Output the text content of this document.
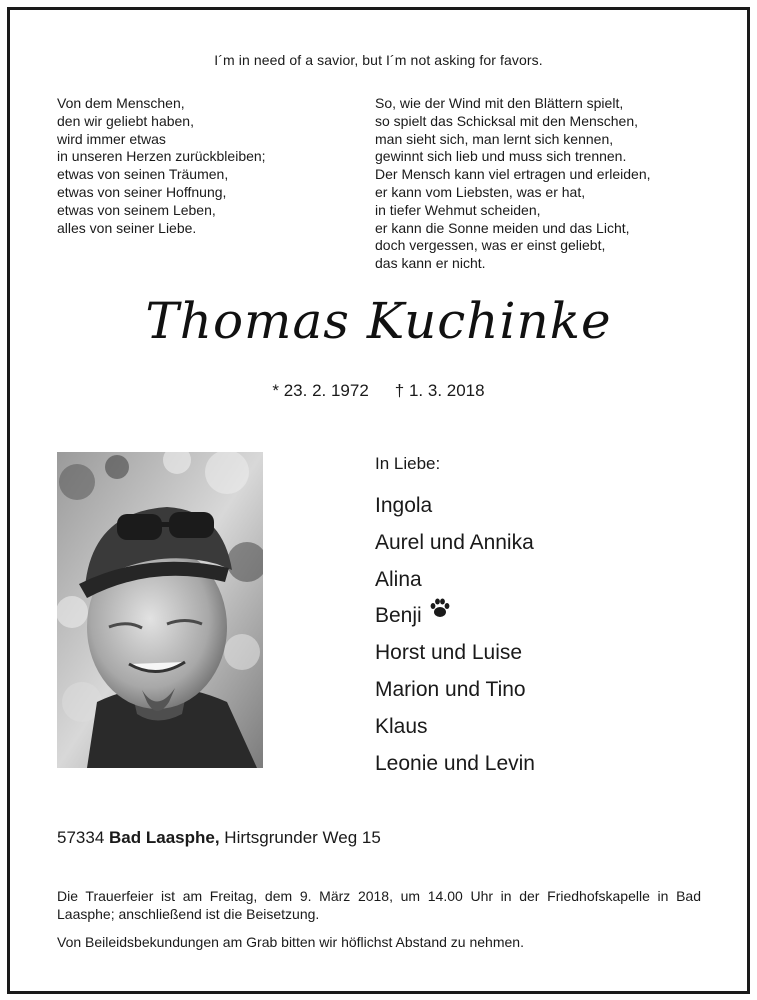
I´m in need of a savior, but I´m not asking for favors.
Von dem Menschen,
den wir geliebt haben,
wird immer etwas
in unseren Herzen zurückbleiben;
etwas von seinen Träumen,
etwas von seiner Hoffnung,
etwas von seinem Leben,
alles von seiner Liebe.
So, wie der Wind mit den Blättern spielt,
so spielt das Schicksal mit den Menschen,
man sieht sich, man lernt sich kennen,
gewinnt sich lieb und muss sich trennen.
Der Mensch kann viel ertragen und erleiden,
er kann vom Liebsten, was er hat,
in tiefer Wehmut scheiden,
er kann die Sonne meiden und das Licht,
doch vergessen, was er einst geliebt,
das kann er nicht.
Thomas Kuchinke
* 23. 2. 1972 † 1. 3. 2018
In Liebe:
Ingola
Aurel und Annika
Alina
Benji
Horst und Luise
Marion und Tino
Klaus
Leonie und Levin
57334 Bad Laasphe, Hirtsgrunder Weg 15

Die Trauerfeier ist am Freitag, dem 9. März 2018, um 14.00 Uhr in der Friedhofskapelle in Bad Laasphe; anschließend ist die Beisetzung.

Von Beileidsbekundungen am Grab bitten wir höflichst Abstand zu nehmen.
